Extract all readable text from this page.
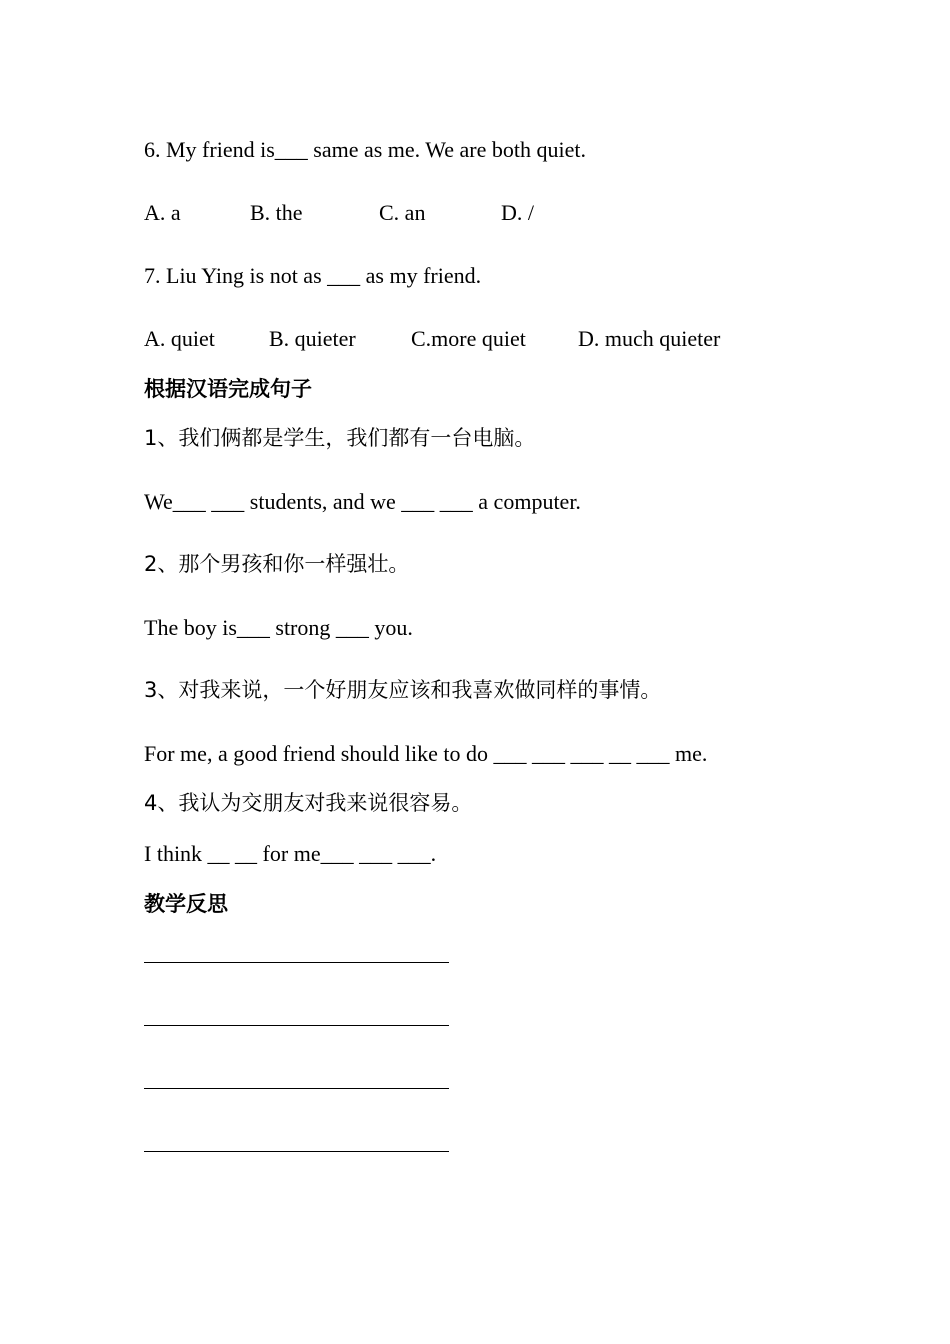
6. My friend is___ same as me. We are both quiet.
A. a	B. the	C. an	D. /
7. Liu Ying is not as ___ as my friend.
A. quiet B. quieter	C.more quiet D. much quieter
根据汉语完成句子
1、我们俩都是学生，我们都有一台电脑。
We___ ___ students, and we ___ ___ a computer.
2、那个男孩和你一样强壮。
The boy is___ strong ___ you.
3、对我来说，一个好朋友应该和我喜欢做同样的事情。
For me, a good friend should like to do ___ ___ ___ __ ___ me.
4、我认为交朋友对我来说很容易。
I think __ __ for me___ ___ ___.
教学反思
